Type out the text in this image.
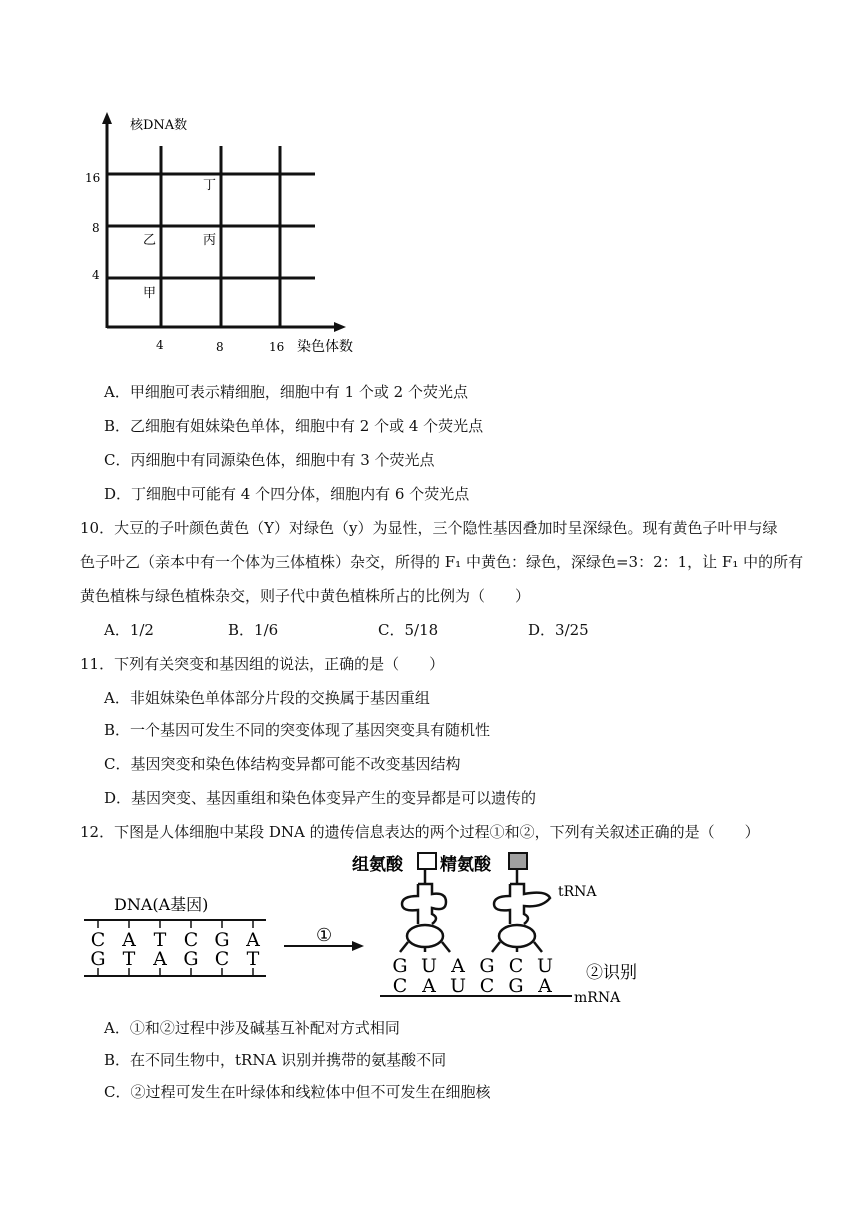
核DNA数
染色体数
16
8
4
4	8	16
丁
乙	丙
甲
A．甲细胞可表示精细胞，细胞中有 1 个或 2 个荧光点
B．乙细胞有姐妹染色单体，细胞中有 2 个或 4 个荧光点
C．丙细胞中有同源染色体，细胞中有 3 个荧光点
D．丁细胞中可能有 4 个四分体，细胞内有 6 个荧光点
10．大豆的子叶颜色黄色（Y）对绿色（y）为显性，三个隐性基因叠加时呈深绿色。现有黄色子叶甲与绿
色子叶乙（亲本中有一个体为三体植株）杂交，所得的 F₁ 中黄色：绿色，深绿色=3：2：1，让 F₁ 中的所有
黄色植株与绿色植株杂交，则子代中黄色植株所占的比例为（　　）
A．1/2	B．1/6	C．5/18	D．3/25
11．下列有关突变和基因组的说法，正确的是（　　）
A．非姐妹染色单体部分片段的交换属于基因重组
B．一个基因可发生不同的突变体现了基因突变具有随机性
C．基因突变和染色体结构变异都可能不改变基因结构
D．基因突变、基因重组和染色体变异产生的变异都是可以遗传的
12．下图是人体细胞中某段 DNA 的遗传信息表达的两个过程①和②，下列有关叙述正确的是（　　）
DNA(A基因)
C A T C G A
G T A G C T
①
组氨酸 精氨酸
tRNA
G U A G C U
C A U C G A
②识别
mRNA
A．①和②过程中涉及碱基互补配对方式相同
B．在不同生物中，tRNA 识别并携带的氨基酸不同
C．②过程可发生在叶绿体和线粒体中但不可发生在细胞核
